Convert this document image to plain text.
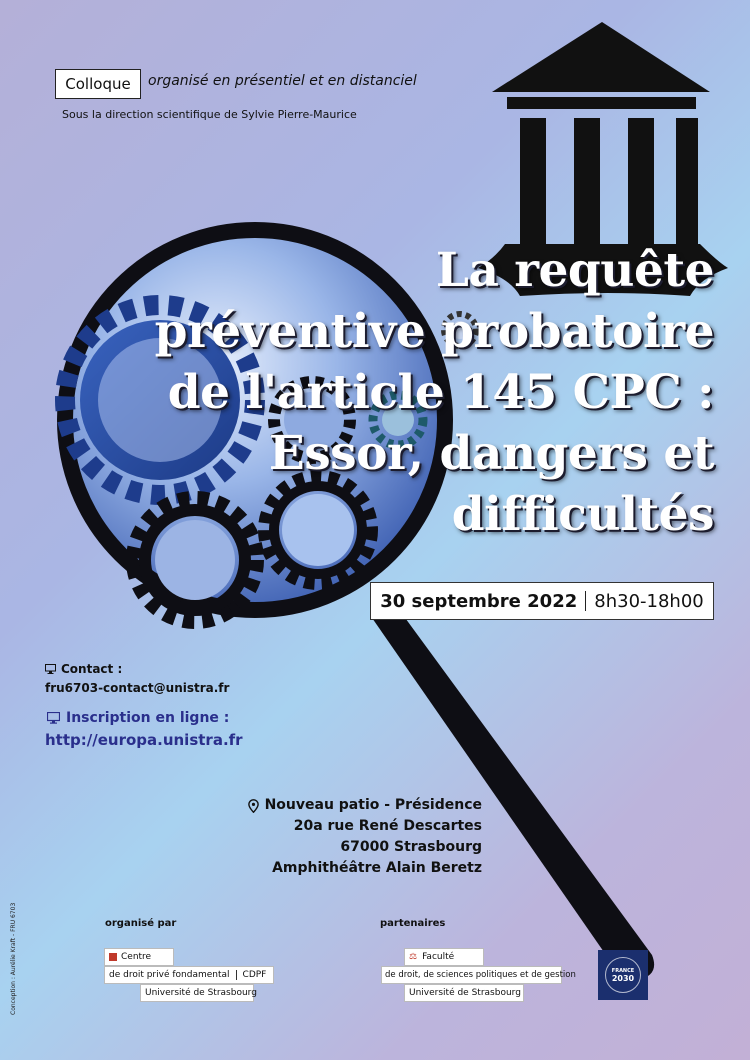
Colloque	organisé en présentiel et en distanciel
Sous la direction scientifique de Sylvie Pierre-Maurice
La requête
préventive probatoire
de l'article 145 CPC :
Essor, dangers et
difficultés
30 septembre 2022 8h30-18h00
Contact :
fru6703-contact@unistra.fr
Inscription en ligne :
http://europa.unistra.fr
Nouveau patio - Présidence
20a rue René Descartes
67000 Strasbourg
Amphithéâtre Alain Beretz
organisé par	partenaires
Centre
de droit privé fondamental CDPF
Université de Strasbourg
⚖ Faculté
de droit, de sciences politiques et de gestion
Université de Strasbourg
FRANCE
2030
Conception : Aurélie Kraft - FRU 6703
